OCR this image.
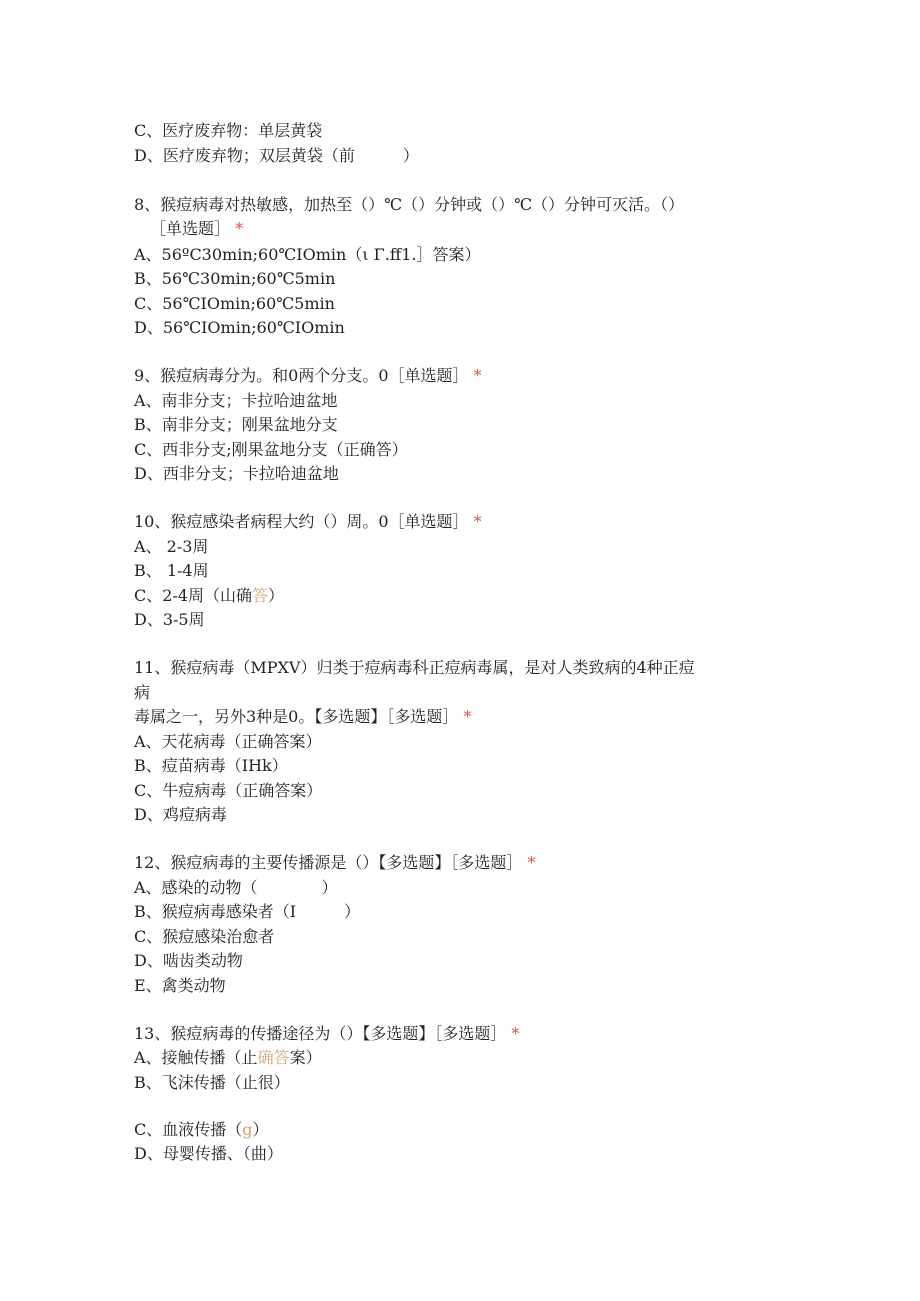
C、医疗废弃物：单层黄袋
D、医疗废弃物；双层黄袋（前　　　）
8、猴痘病毒对热敏感，加热至（）℃（）分钟或（）℃（）分钟可灭活。（）
［单选题］ *
A、56ºC30min;60℃IOmin（ι Γ.ff1.］答案）
B、56℃30min;60℃5min
C、56℃IOmin;60℃5min
D、56℃IOmin;60℃IOmin
9、猴痘病毒分为。和0两个分支。0［单选题］ *
A、南非分支；卡拉哈迪盆地
B、南非分支；刚果盆地分支
C、西非分支;刚果盆地分支（正确答）
D、西非分支；卡拉哈迪盆地
10、猴痘感染者病程大约（）周。0［单选题］ *
A、 2-3周
B、 1-4周
C、2-4周（山确答）
D、3-5周
11、猴痘病毒（MPXV）归类于痘病毒科正痘病毒属，是对人类致病的4种正痘
病
毒属之一，另外3种是0。【多选题】［多选题］ *
A、天花病毒（正确答案）
B、痘苗病毒（IHk）
C、牛痘病毒（正确答案）
D、鸡痘病毒
12、猴痘病毒的主要传播源是（）【多选题】［多选题］ *
A、感染的动物（　　　　）
B、猴痘病毒感染者（I　　　）
C、猴痘感染治愈者
D、啮齿类动物
E、禽类动物
13、猴痘病毒的传播途径为（）【多选题】［多选题］ *
A、接触传播（止确答案）
B、飞沫传播（止很）
C、血液传播（g）
D、母婴传播、（曲）
